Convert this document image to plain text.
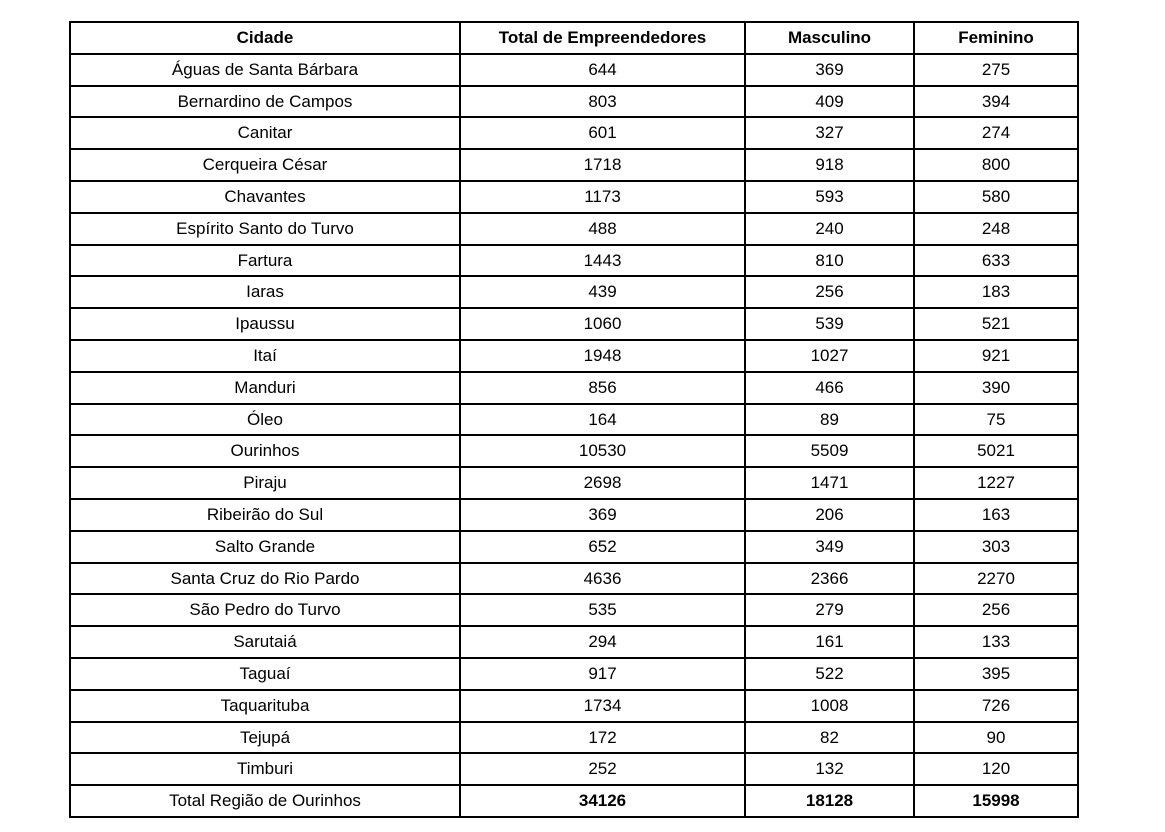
Cidade	Total de Empreendedores	Masculino	Feminino
Águas de Santa Bárbara	644	369	275
Bernardino de Campos	803	409	394
Canitar	601	327	274
Cerqueira César	1718	918	800
Chavantes	1173	593	580
Espírito Santo do Turvo	488	240	248
Fartura	1443	810	633
Iaras	439	256	183
Ipaussu	1060	539	521
Itaí	1948	1027	921
Manduri	856	466	390
Óleo	164	89	75
Ourinhos	10530	5509	5021
Piraju	2698	1471	1227
Ribeirão do Sul	369	206	163
Salto Grande	652	349	303
Santa Cruz do Rio Pardo	4636	2366	2270
São Pedro do Turvo	535	279	256
Sarutaiá	294	161	133
Taguaí	917	522	395
Taquarituba	1734	1008	726
Tejupá	172	82	90
Timburi	252	132	120
Total Região de Ourinhos	34126	18128	15998
